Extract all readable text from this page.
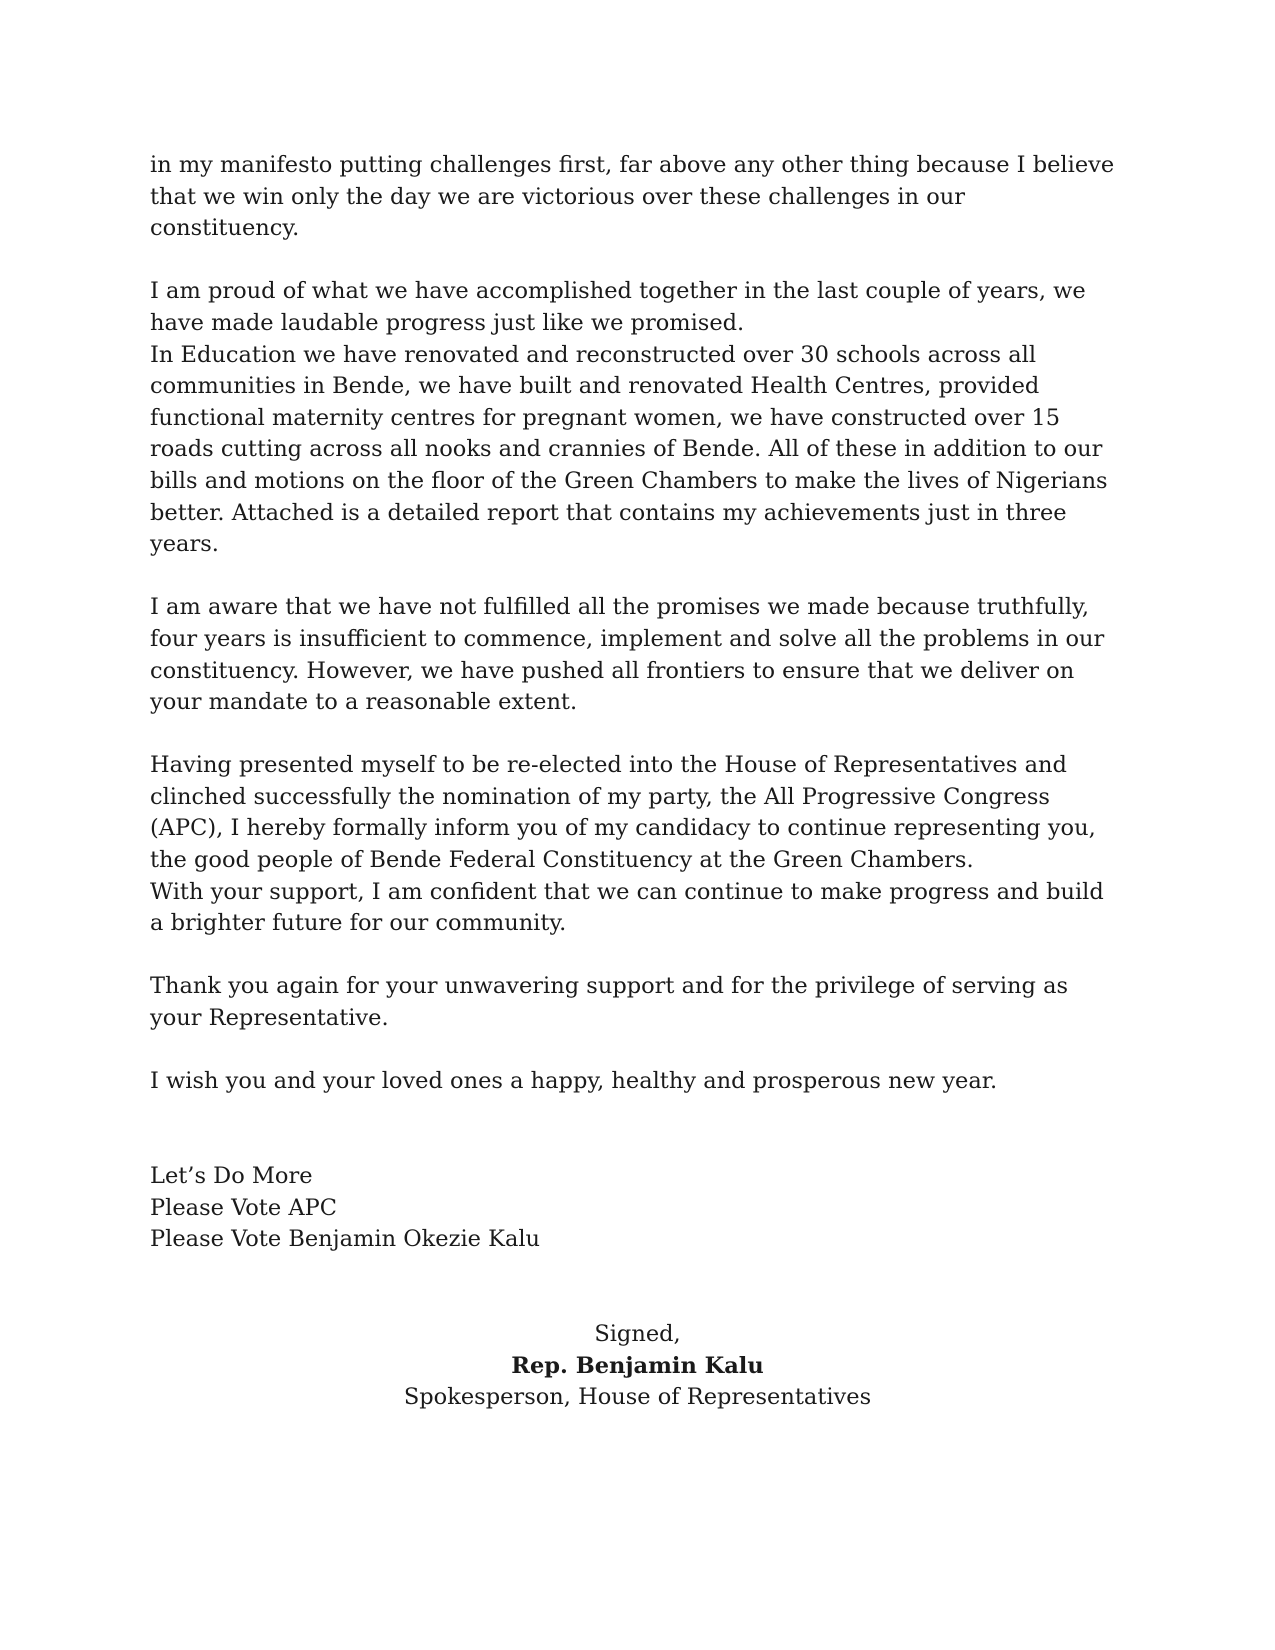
in my manifesto putting challenges first, far above any other thing because I believe
that we win only the day we are victorious over these challenges in our
constituency.

I am proud of what we have accomplished together in the last couple of years, we
have made laudable progress just like we promised.
In Education we have renovated and reconstructed over 30 schools across all
communities in Bende, we have built and renovated Health Centres, provided
functional maternity centres for pregnant women, we have constructed over 15
roads cutting across all nooks and crannies of Bende. All of these in addition to our
bills and motions on the floor of the Green Chambers to make the lives of Nigerians
better. Attached is a detailed report that contains my achievements just in three
years.

I am aware that we have not fulfilled all the promises we made because truthfully,
four years is insufficient to commence, implement and solve all the problems in our
constituency. However, we have pushed all frontiers to ensure that we deliver on
your mandate to a reasonable extent.

Having presented myself to be re-elected into the House of Representatives and
clinched successfully the nomination of my party, the All Progressive Congress
(APC), I hereby formally inform you of my candidacy to continue representing you,
the good people of Bende Federal Constituency at the Green Chambers.
With your support, I am confident that we can continue to make progress and build
a brighter future for our community.

Thank you again for your unwavering support and for the privilege of serving as
your Representative.

I wish you and your loved ones a happy, healthy and prosperous new year.

Let’s Do More
Please Vote APC
Please Vote Benjamin Okezie Kalu

Signed,
Rep. Benjamin Kalu
Spokesperson, House of Representatives
